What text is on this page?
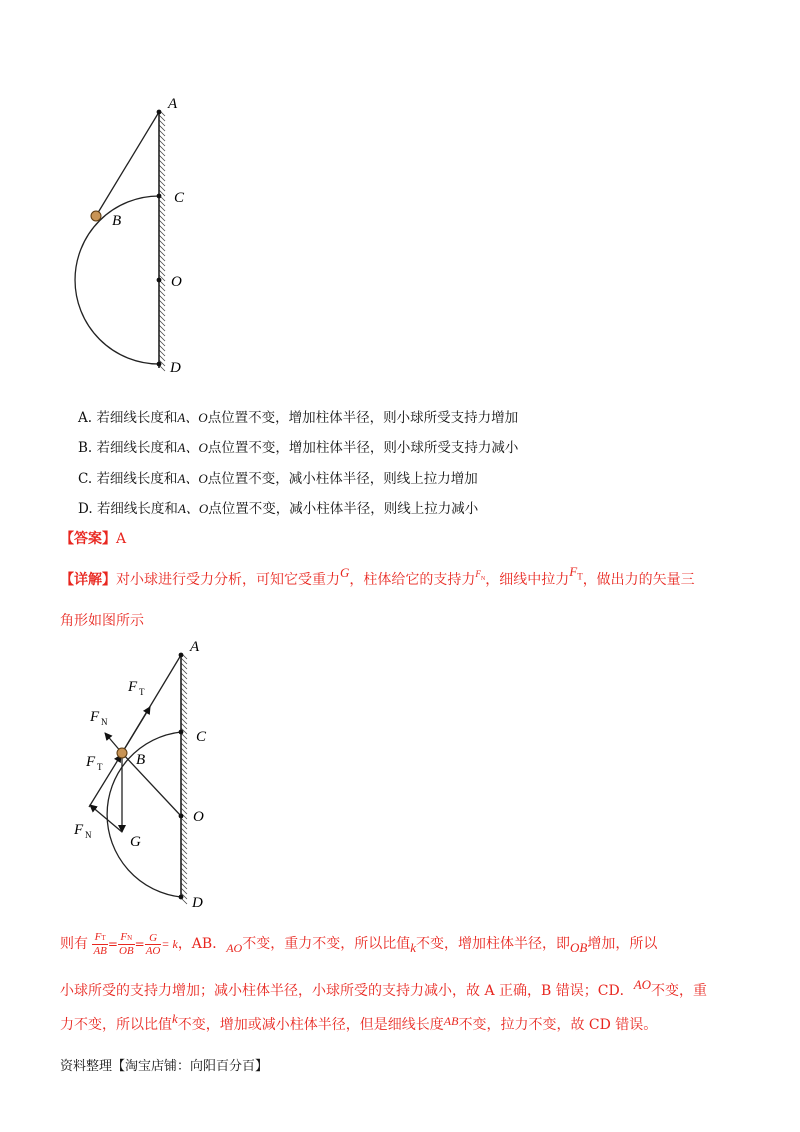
A
C
B
O
D
A. 若细线长度和A、O点位置不变，增加柱体半径，则小球所受支持力增加
B. 若细线长度和A、O点位置不变，增加柱体半径，则小球所受支持力减小
C. 若细线长度和A、O点位置不变，减小柱体半径，则线上拉力增加
D. 若细线长度和A、O点位置不变，减小柱体半径，则线上拉力减小
【答案】A
【详解】对小球进行受力分析，可知它受重力G，柱体给它的支持力$^{F_N}$，细线中拉力$F_T$，做出力的矢量三
角形如图所示
A
C
B
O
D
G
F T
F N
F T
F N
则有 $\frac{FT}{AB} = \frac{FN}{OB} = \frac{G}{AO} = k$，AB．AO不变，重力不变，所以比值k不变，增加柱体半径，即OB增加，所以
小球所受的支持力增加；减小柱体半径，小球所受的支持力减小，故 A 正确，B 错误；CD．AO不变，重
力不变，所以比值k不变，增加或减小柱体半径，但是细线长度AB不变，拉力不变，故 CD 错误。
资料整理【淘宝店铺：向阳百分百】
